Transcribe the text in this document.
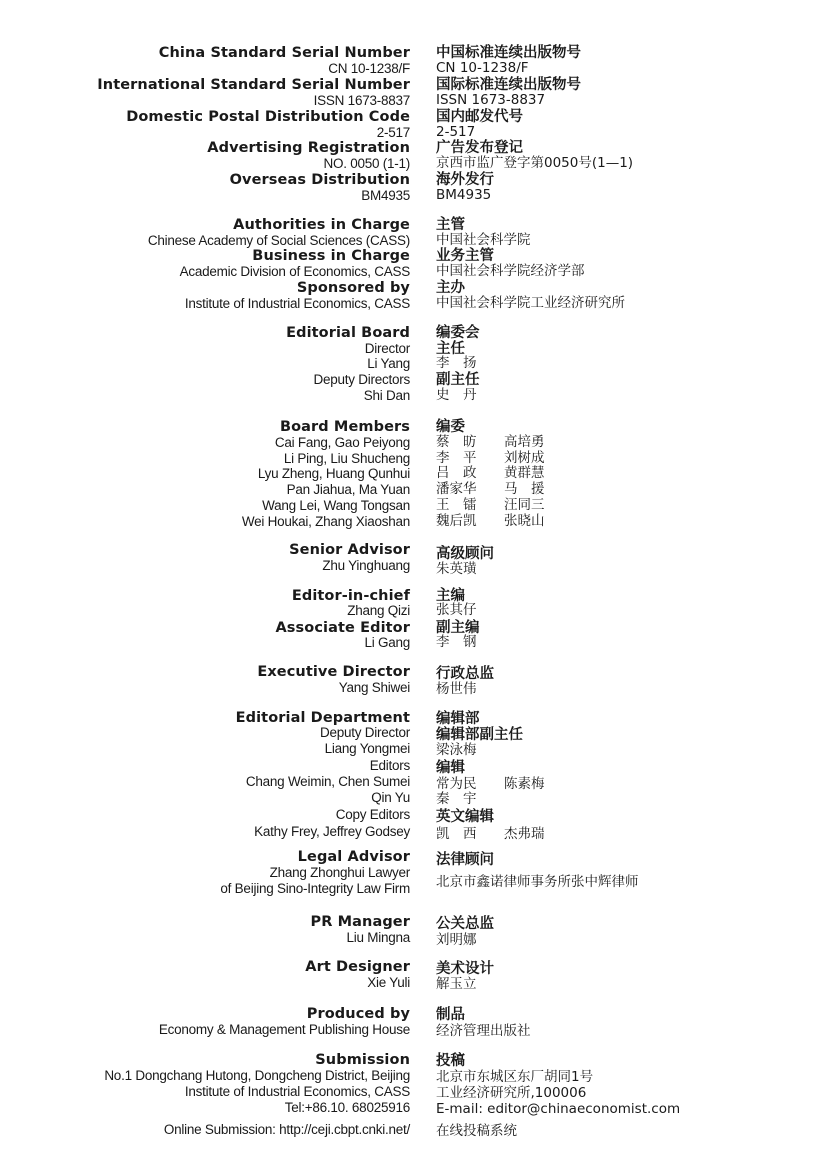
China Standard Serial Number
CN 10-1238/F
International Standard Serial Number
ISSN 1673-8837
Domestic Postal Distribution Code
2-517
Advertising Registration
NO. 0050 (1-1)
Overseas Distribution
BM4935
Authorities in Charge
Chinese Academy of Social Sciences (CASS)
Business in Charge
Academic Division of Economics, CASS
Sponsored by
Institute of Industrial Economics, CASS
Editorial Board
Director
Li Yang
Deputy Directors
Shi Dan
Board Members
Cai Fang, Gao Peiyong
Li Ping, Liu Shucheng
Lyu Zheng, Huang Qunhui
Pan Jiahua, Ma Yuan
Wang Lei, Wang Tongsan
Wei Houkai, Zhang Xiaoshan
Senior Advisor
Zhu Yinghuang
Editor-in-chief
Zhang Qizi
Associate Editor
Li Gang
Executive Director
Yang Shiwei
Editorial Department
Deputy Director
Liang Yongmei
Editors
Chang Weimin, Chen Sumei
Qin Yu
Copy Editors
Kathy Frey, Jeffrey Godsey
Legal Advisor
Zhang Zhonghui Lawyer
of Beijing Sino-Integrity Law Firm
PR Manager
Liu Mingna
Art Designer
Xie Yuli
Produced by
Economy & Management Publishing House
Submission
No.1 Dongchang Hutong, Dongcheng District, Beijing
Institute of Industrial Economics, CASS
Tel:+86.10. 68025916
Online Submission: http://ceji.cbpt.cnki.net/
中国标准连续出版物号
CN 10-1238/F
国际标准连续出版物号
ISSN 1673-8837
国内邮发代号
2-517
广告发布登记
京西市监广登字第0050号(1—1)
海外发行
BM4935
主管
中国社会科学院
业务主管
中国社会科学院经济学部
主办
中国社会科学院工业经济研究所
编委会
主任
李　扬
副主任
史　丹
编委
蔡　昉 高培勇
李　平 刘树成
吕　政 黄群慧
潘家华 马　援
王　镭 汪同三
魏后凯 张晓山
高级顾问
朱英璜
主编
张其仔
副主编
李　钢
行政总监
杨世伟
编辑部
编辑部副主任
梁泳梅
编辑
常为民 陈素梅
秦　宇
英文编辑
凯　西 杰弗瑞
法律顾问
北京市鑫诺律师事务所张中辉律师
公关总监
刘明娜
美术设计
解玉立
制品
经济管理出版社
投稿
北京市东城区东厂胡同1号
工业经济研究所,100006
E-mail: editor@chinaeconomist.com
在线投稿系统
